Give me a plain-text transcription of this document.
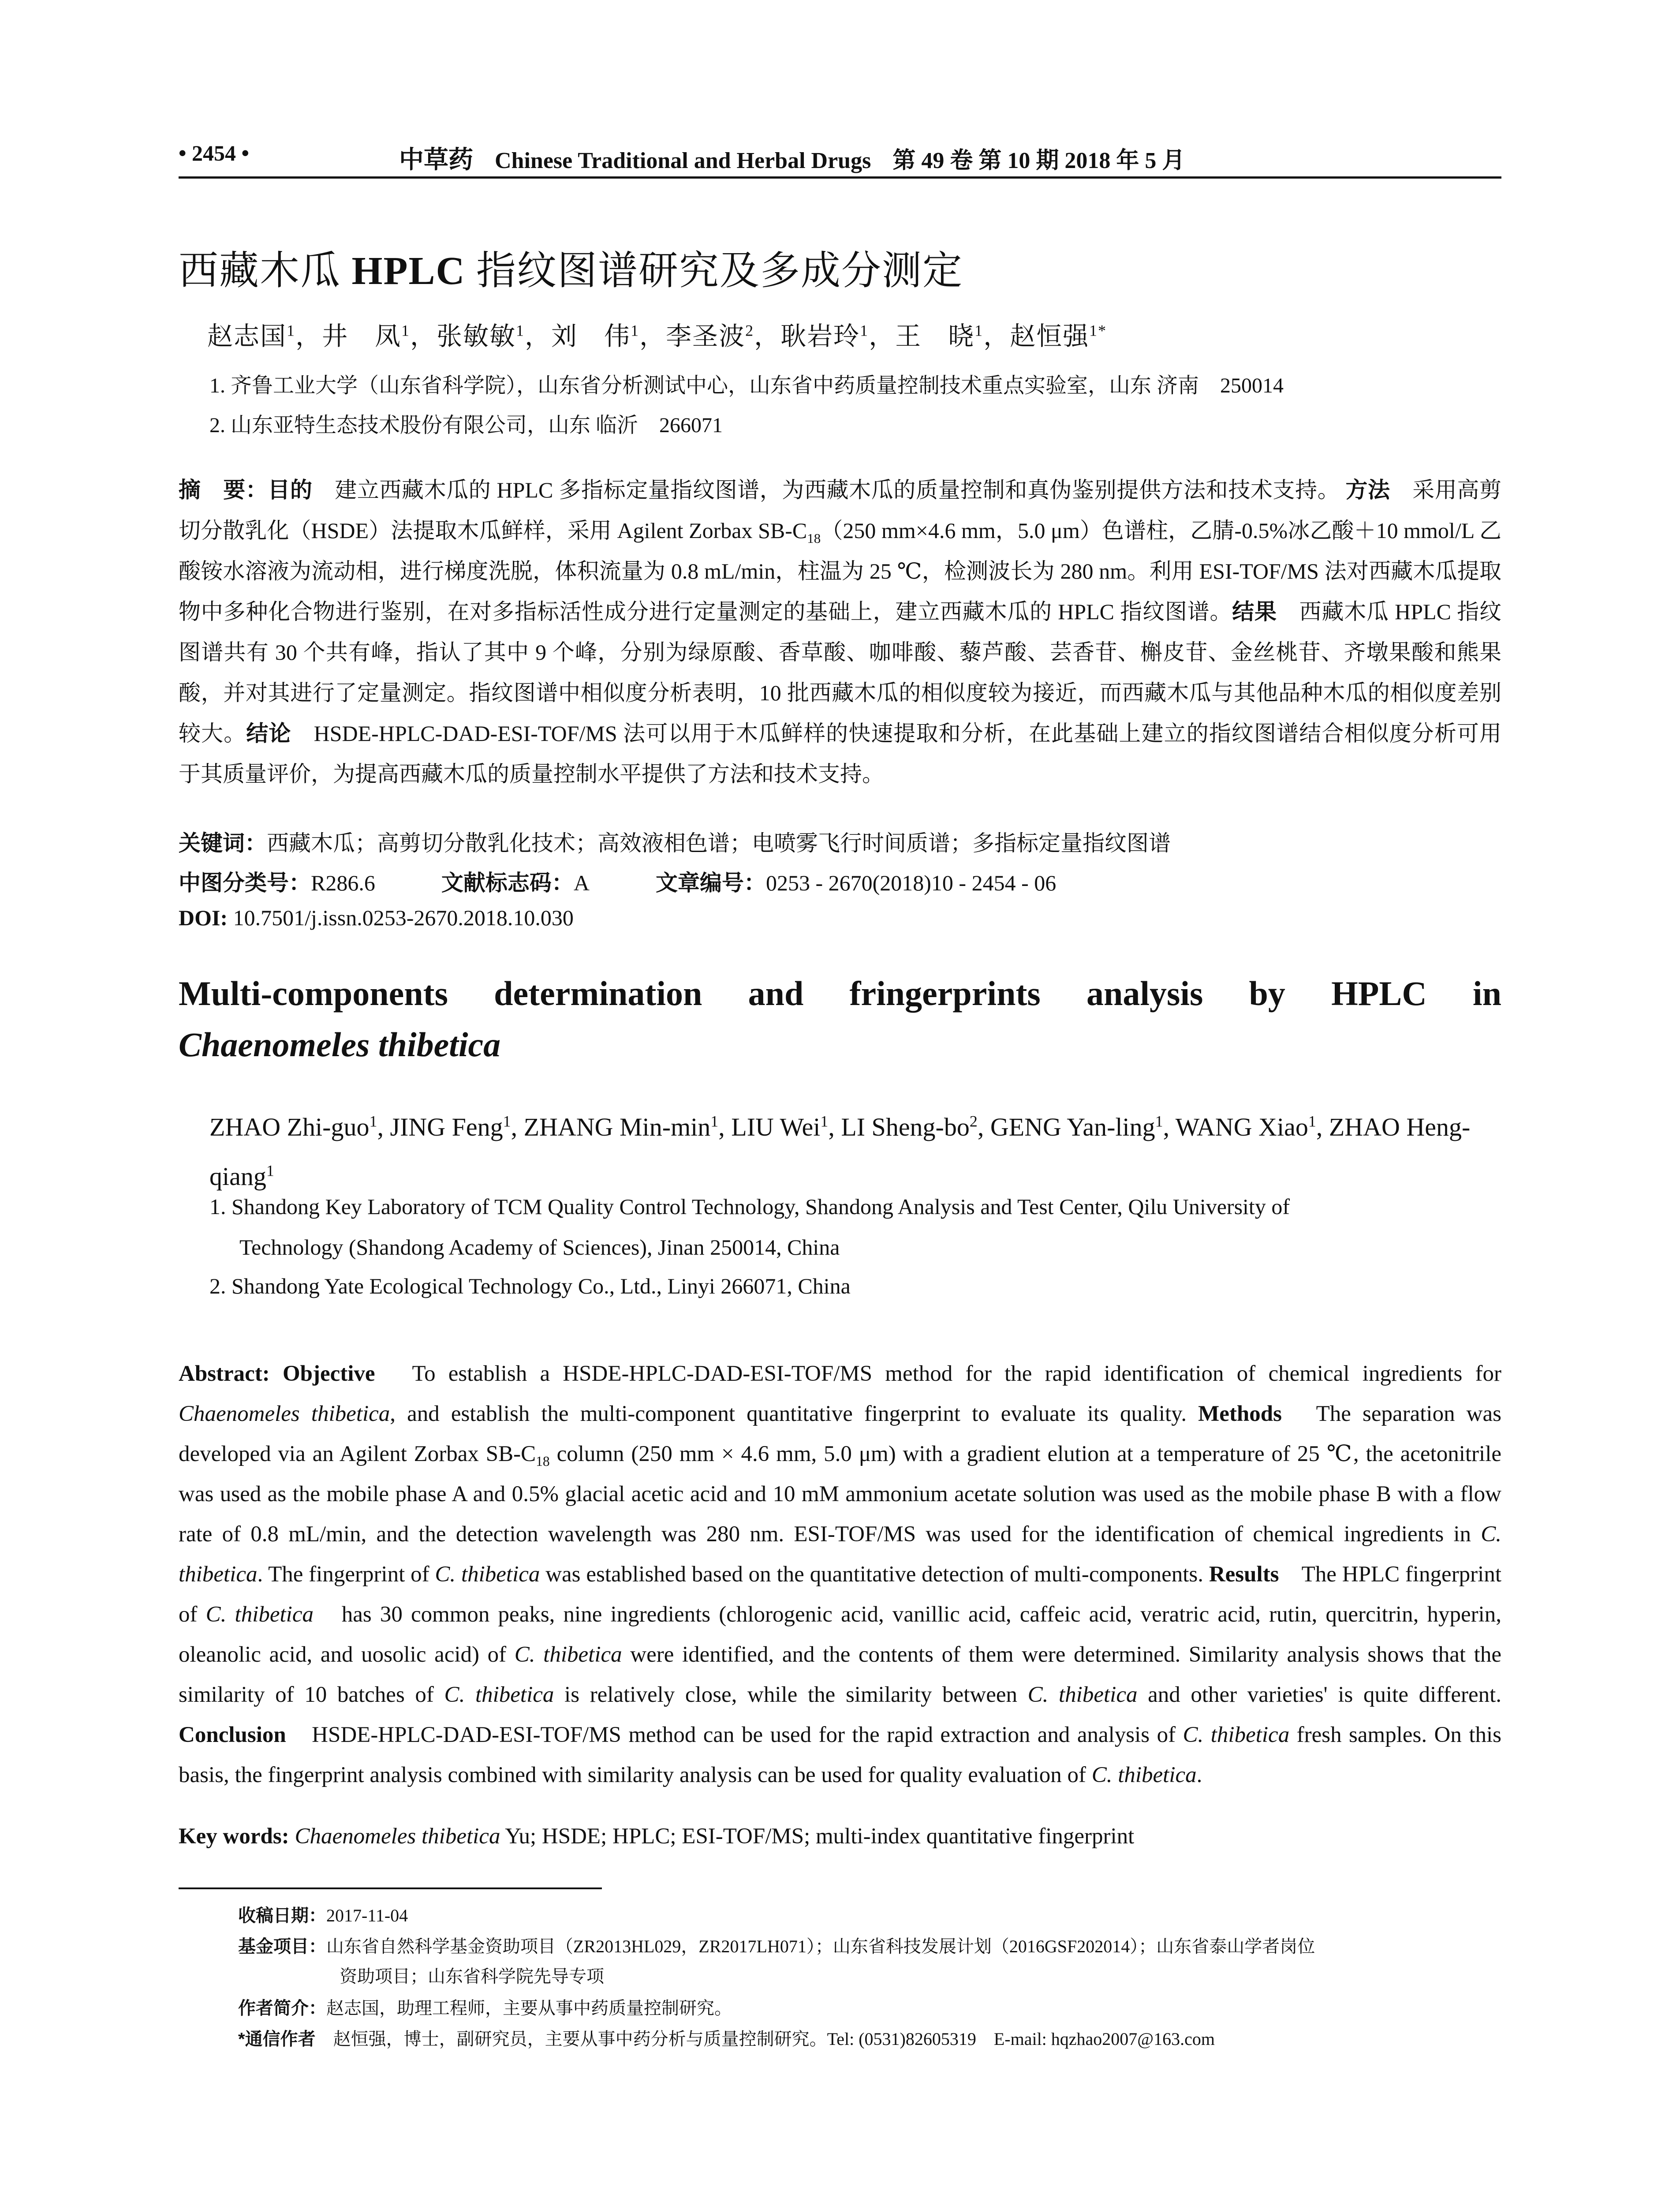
• 2454 •	中草药 Chinese Traditional and Herbal Drugs 第 49 卷 第 10 期 2018 年 5 月
西藏木瓜 HPLC 指纹图谱研究及多成分测定
赵志国$^1$，井　凤$^1$，张敏敏$^1$，刘　伟$^1$，李圣波$^2$，耿岩玲$^1$，王　晓$^1$，赵恒强$^{1*}$
1. 齐鲁工业大学（山东省科学院），山东省分析测试中心，山东省中药质量控制技术重点实验室，山东 济南　250014
2. 山东亚特生态技术股份有限公司，山东 临沂　266071
摘　要：目的　建立西藏木瓜的 HPLC 多指标定量指纹图谱，为西藏木瓜的质量控制和真伪鉴别提供方法和技术支持。 方法　采用高剪切分散乳化（HSDE）法提取木瓜鲜样，采用 Agilent Zorbax $SB-C_{18}(250$ mm×4.6 mm，5.0 μm）色谱柱，乙腈-0.5%冰乙酸＋10 mmol/L 乙酸铵水溶液为流动相，进行梯度洗脱，体积流量为 0.8 mL/min，柱温为 25 ℃，检测波长为 280 nm。利用 ESI-TOF/MS 法对西藏木瓜提取物中多种化合物进行鉴别，在对多指标活性成分进行定量测定的基础上，建立西藏木瓜的 HPLC 指纹图谱。结果　西藏木瓜 HPLC 指纹图谱共有 30 个共有峰，指认了其中 9 个峰，分别为绿原酸、香草酸、咖啡酸、藜芦酸、芸香苷、槲皮苷、金丝桃苷、齐墩果酸和熊果酸，并对其进行了定量测定。指纹图谱中相似度分析表明，10 批西藏木瓜的相似度较为接近，而西藏木瓜与其他品种木瓜的相似度差别较大。结论　HSDE-HPLC-DAD-ESI-TOF/MS 法可以用于木瓜鲜样的快速提取和分析，在此基础上建立的指纹图谱结合相似度分析可用于其质量评价，为提高西藏木瓜的质量控制水平提供了方法和技术支持。
关键词：西藏木瓜；高剪切分散乳化技术；高效液相色谱；电喷雾飞行时间质谱；多指标定量指纹图谱
中图分类号：R286.6	文献标志码：A	文章编号：0253 - 2670(2018)10 - 2454 - 06
DOI: 10.7501/j.issn.0253-2670.2018.10.030
Multi-components determination and fringerprints analysis by HPLC in
Chaenomeles thibetica
ZHAO Zhi-guo$^1$, JING Feng$^1$, ZHANG Min-$\min^1$, LIU Wei$^1$, LI Sheng-$bo^2$, GENG Yan-ling$^1$, WANG Xiao$^1$, ZHAO Heng-qiang$^1$
1. Shandong Key Laboratory of TCM Quality Control Technology, Shandong Analysis and Test Center, Qilu University of
Technology (Shandong Academy of Sciences), Jinan 250014, China
2. Shandong Yate Ecological Technology Co., Ltd., Linyi 266071, China
Abstract: Objective　To establish a HSDE-HPLC-DAD-ESI-TOF/MS method for the rapid identification of chemical ingredients for Chaenomeles thibetica, and establish the multi-component quantitative fingerprint to evaluate its quality. Methods　The separation was developed via an Agilent Zorbax $SB-C_{18}$ column (250 mm × 4.6 mm, 5.0 μm) with a gradient elution at a temperature of 25 ℃, the acetonitrile was used as the mobile phase A and 0.5% glacial acetic acid and 10 mM ammonium acetate solution was used as the mobile phase B with a flow rate of 0.8 mL/min, and the detection wavelength was 280 nm. ESI-TOF/MS was used for the identification of chemical ingredients in C. thibetica. The fingerprint of C. thibetica was established based on the quantitative detection of multi-components. Results　The HPLC fingerprint of C. thibetica　has 30 common peaks, nine ingredients (chlorogenic acid, vanillic acid, caffeic acid, veratric acid, rutin, quercitrin, hyperin, oleanolic acid, and uosolic acid) of C. thibetica were identified, and the contents of them were determined. Similarity analysis shows that the similarity of 10 batches of C. thibetica is relatively close, while the similarity between C. thibetica and other varieties' is quite different. Conclusion　HSDE-HPLC-DAD-ESI-TOF/MS method can be used for the rapid extraction and analysis of C. thibetica fresh samples. On this basis, the fingerprint analysis combined with similarity analysis can be used for quality evaluation of C. thibetica.
Key words: Chaenomeles thibetica Yu; HSDE; HPLC; ESI-TOF/MS; multi-index quantitative fingerprint
收稿日期：2017-11-04
基金项目：山东省自然科学基金资助项目（ZR2013HL029，ZR2017LH071）；山东省科技发展计划（2016GSF202014）；山东省泰山学者岗位
资助项目；山东省科学院先导专项
作者简介：赵志国，助理工程师，主要从事中药质量控制研究。
*通信作者　赵恒强，博士，副研究员，主要从事中药分析与质量控制研究。Tel: (0531)82605319　E-mail: hqzhao2007@163.com
